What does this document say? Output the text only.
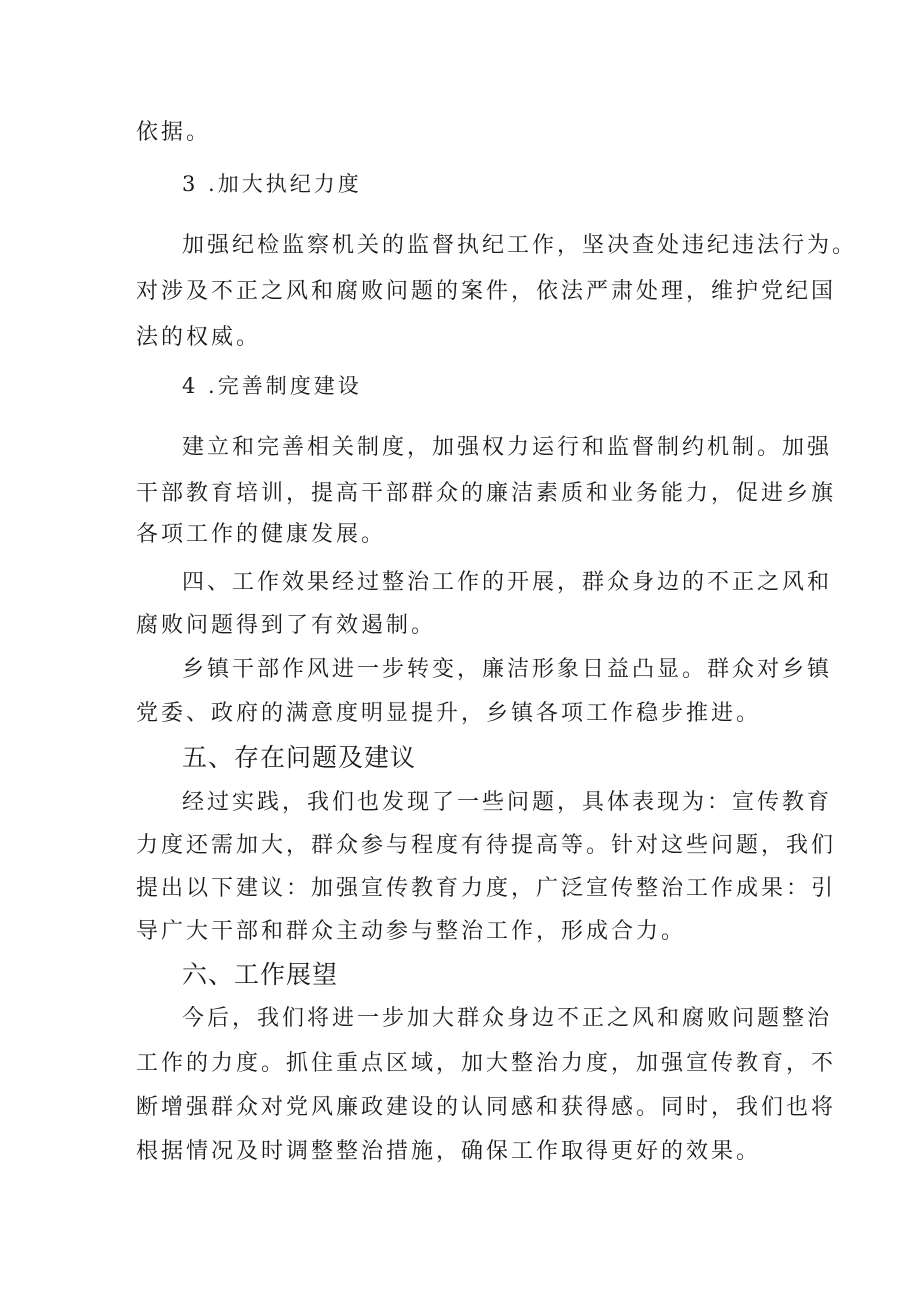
依据。
3 .加大执纪力度
加强纪检监察机关的监督执纪工作，坚决查处违纪违法行为。
对涉及不正之风和腐败问题的案件，依法严肃处理，维护党纪国
法的权威。
4 .完善制度建设
建立和完善相关制度，加强权力运行和监督制约机制。加强
干部教育培训，提高干部群众的廉洁素质和业务能力，促进乡旗
各项工作的健康发展。
四、工作效果经过整治工作的开展，群众身边的不正之风和
腐败问题得到了有效遏制。
乡镇干部作风进一步转变，廉洁形象日益凸显。群众对乡镇
党委、政府的满意度明显提升，乡镇各项工作稳步推进。
五、存在问题及建议
经过实践，我们也发现了一些问题，具体表现为：宣传教育
力度还需加大，群众参与程度有待提高等。针对这些问题，我们
提出以下建议：加强宣传教育力度，广泛宣传整治工作成果：引
导广大干部和群众主动参与整治工作，形成合力。
六、工作展望
今后，我们将进一步加大群众身边不正之风和腐败问题整治
工作的力度。抓住重点区域，加大整治力度，加强宣传教育，不
断增强群众对党风廉政建设的认同感和获得感。同时，我们也将
根据情况及时调整整治措施，确保工作取得更好的效果。
